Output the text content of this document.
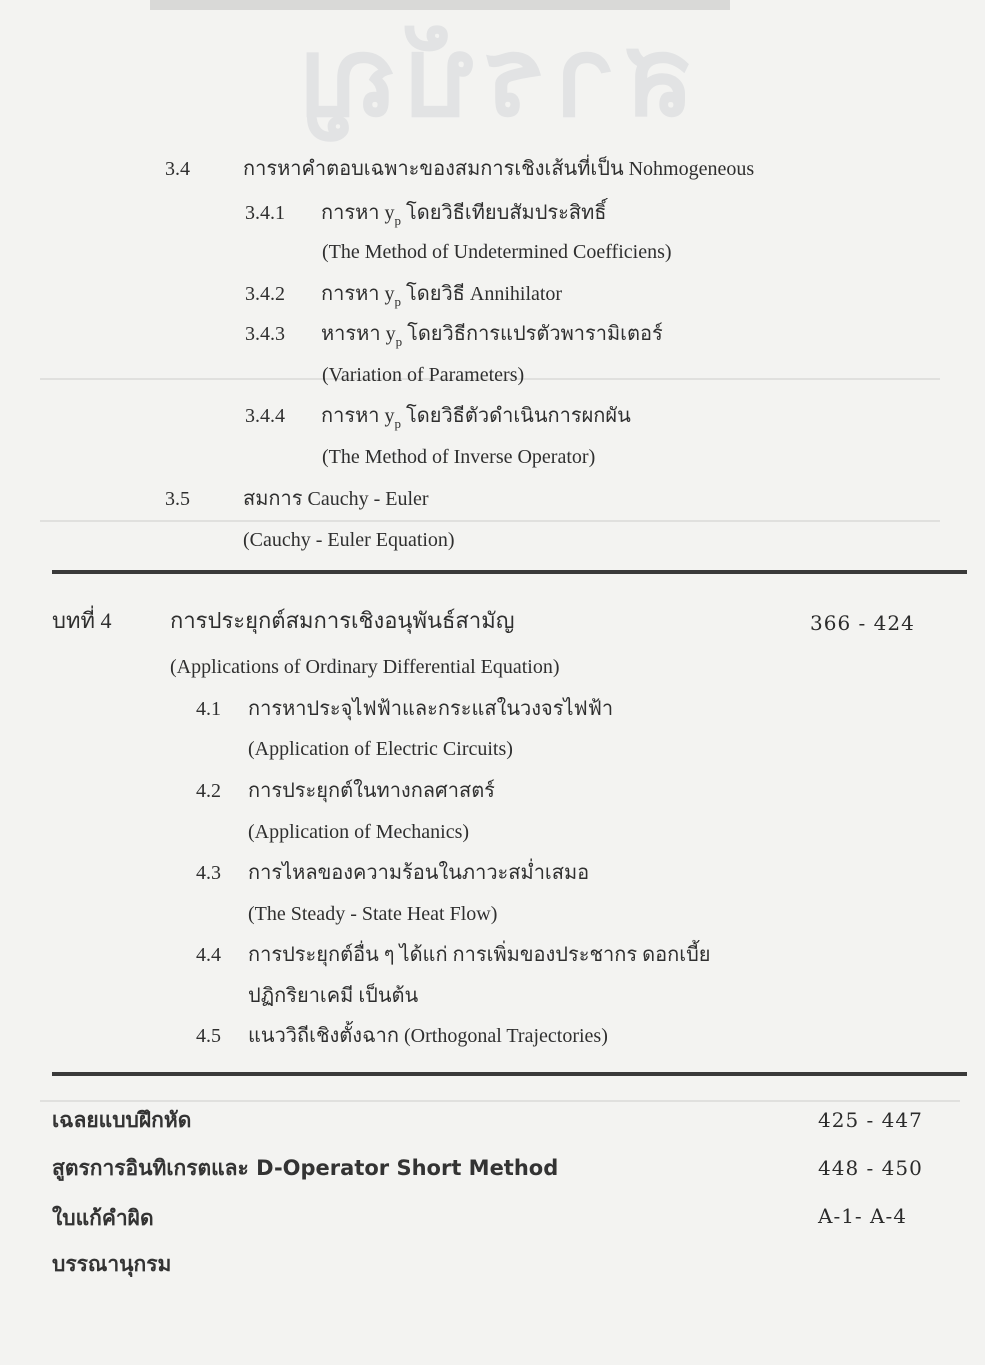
สารบัญ
3.4	การหาคำตอบเฉพาะของสมการเชิงเส้นที่เป็น Nohmogeneous
3.4.1 การหา $y_p$ โดยวิธีเทียบสัมประสิทธิ์
(The Method of Undetermined Coefficiens)
3.4.2 การหา $y_p$ โดยวิธี Annihilator
3.4.3 หารหา $y_p$ โดยวิธีการแปรตัวพารามิเตอร์
(Variation of Parameters)
3.4.4 การหา $y_p$ โดยวิธีตัวดำเนินการผกผัน
(The Method of Inverse Operator)
3.5	สมการ Cauchy - Euler
(Cauchy - Euler Equation)
บทที่ 4	การประยุกต์สมการเชิงอนุพันธ์สามัญ	366 - 424
(Applications of Ordinary Differential Equation)
4.1 การหาประจุไฟฟ้าและกระแสในวงจรไฟฟ้า
(Application of Electric Circuits)
4.2 การประยุกต์ในทางกลศาสตร์
(Application of Mechanics)
4.3 การไหลของความร้อนในภาวะสม่ำเสมอ
(The Steady - State Heat Flow)
4.4 การประยุกต์อื่น ๆ ได้แก่ การเพิ่มของประชากร ดอกเบี้ย
ปฏิกริยาเคมี เป็นต้น
4.5 แนววิถีเชิงตั้งฉาก (Orthogonal Trajectories)
เฉลยแบบฝึกหัด	425 - 447
สูตรการอินทิเกรตและ D-Operator Short Method	448 - 450
ใบแก้คำผิด	A-1- A-4
บรรณานุกรม
